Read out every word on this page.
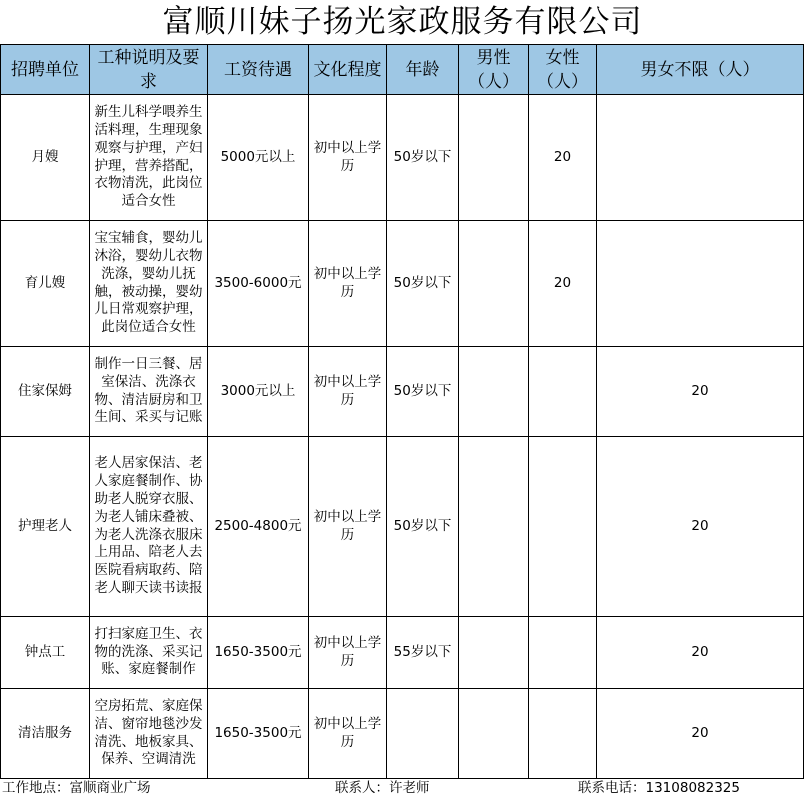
富顺川妹子扬光家政服务有限公司
招聘单位	工种说明及要求	工资待遇	文化程度	年龄	男性（人）	女性（人）	男女不限（人）
月嫂	新生儿科学喂养生活料理，生理现象观察与护理，产妇护理，营养搭配，衣物清洗，此岗位适合女性	5000元以上	初中以上学历	50岁以下		20	
育儿嫂	宝宝辅食，婴幼儿沐浴，婴幼儿衣物洗涤，婴幼儿抚触，被动操，婴幼儿日常观察护理，此岗位适合女性	3500-6000元	初中以上学历	50岁以下		20	
住家保姆	制作一日三餐、居室保洁、洗涤衣物、清洁厨房和卫生间、采买与记账	3000元以上	初中以上学历	50岁以下			20
护理老人	老人居家保洁、老人家庭餐制作、协助老人脱穿衣服、为老人铺床叠被、为老人洗涤衣服床上用品、陪老人去医院看病取药、陪老人聊天读书读报	2500-4800元	初中以上学历	50岁以下			20
钟点工	打扫家庭卫生、衣物的洗涤、采买记账、家庭餐制作	1650-3500元	初中以上学历	55岁以下			20
清洁服务	空房拓荒、家庭保洁、窗帘地毯沙发清洗、地板家具、保养、空调清洗	1650-3500元	初中以上学历				20
工作地点：富顺商业广场	联系人：许老师	联系电话：13108082325
